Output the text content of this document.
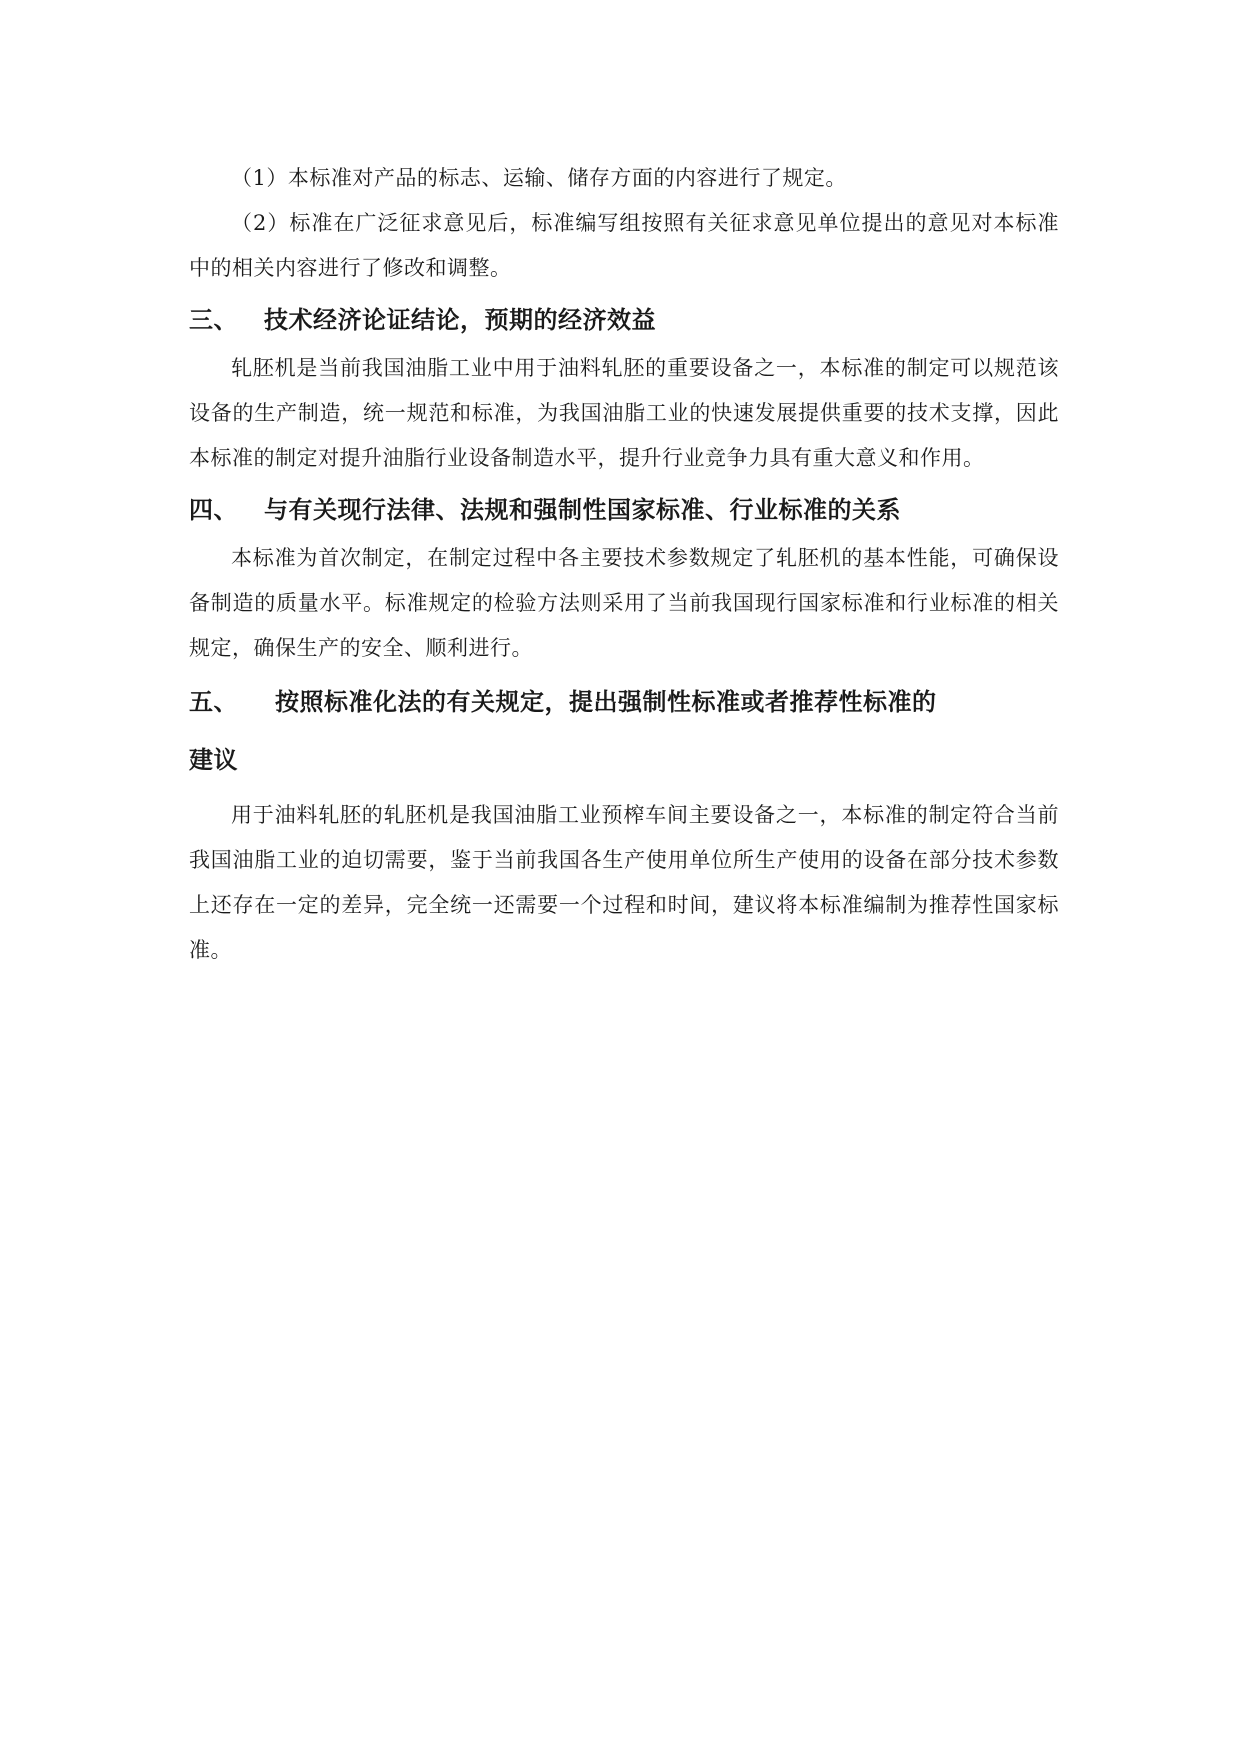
（1）本标准对产品的标志、运输、储存方面的内容进行了规定。

（2）标准在广泛征求意见后，标准编写组按照有关征求意见单位提出的意见对本标准中的相关内容进行了修改和调整。

三、	技术经济论证结论，预期的经济效益

轧胚机是当前我国油脂工业中用于油料轧胚的重要设备之一，本标准的制定可以规范该设备的生产制造，统一规范和标准，为我国油脂工业的快速发展提供重要的技术支撑，因此本标准的制定对提升油脂行业设备制造水平，提升行业竞争力具有重大意义和作用。

四、	与有关现行法律、法规和强制性国家标准、行业标准的关系

本标准为首次制定，在制定过程中各主要技术参数规定了轧胚机的基本性能，可确保设备制造的质量水平。标准规定的检验方法则采用了当前我国现行国家标准和行业标准的相关规定，确保生产的安全、顺利进行。

五、	按照标准化法的有关规定，提出强制性标准或者推荐性标准的
建议

用于油料轧胚的轧胚机是我国油脂工业预榨车间主要设备之一，本标准的制定符合当前我国油脂工业的迫切需要，鉴于当前我国各生产使用单位所生产使用的设备在部分技术参数上还存在一定的差异，完全统一还需要一个过程和时间，建议将本标准编制为推荐性国家标准。
